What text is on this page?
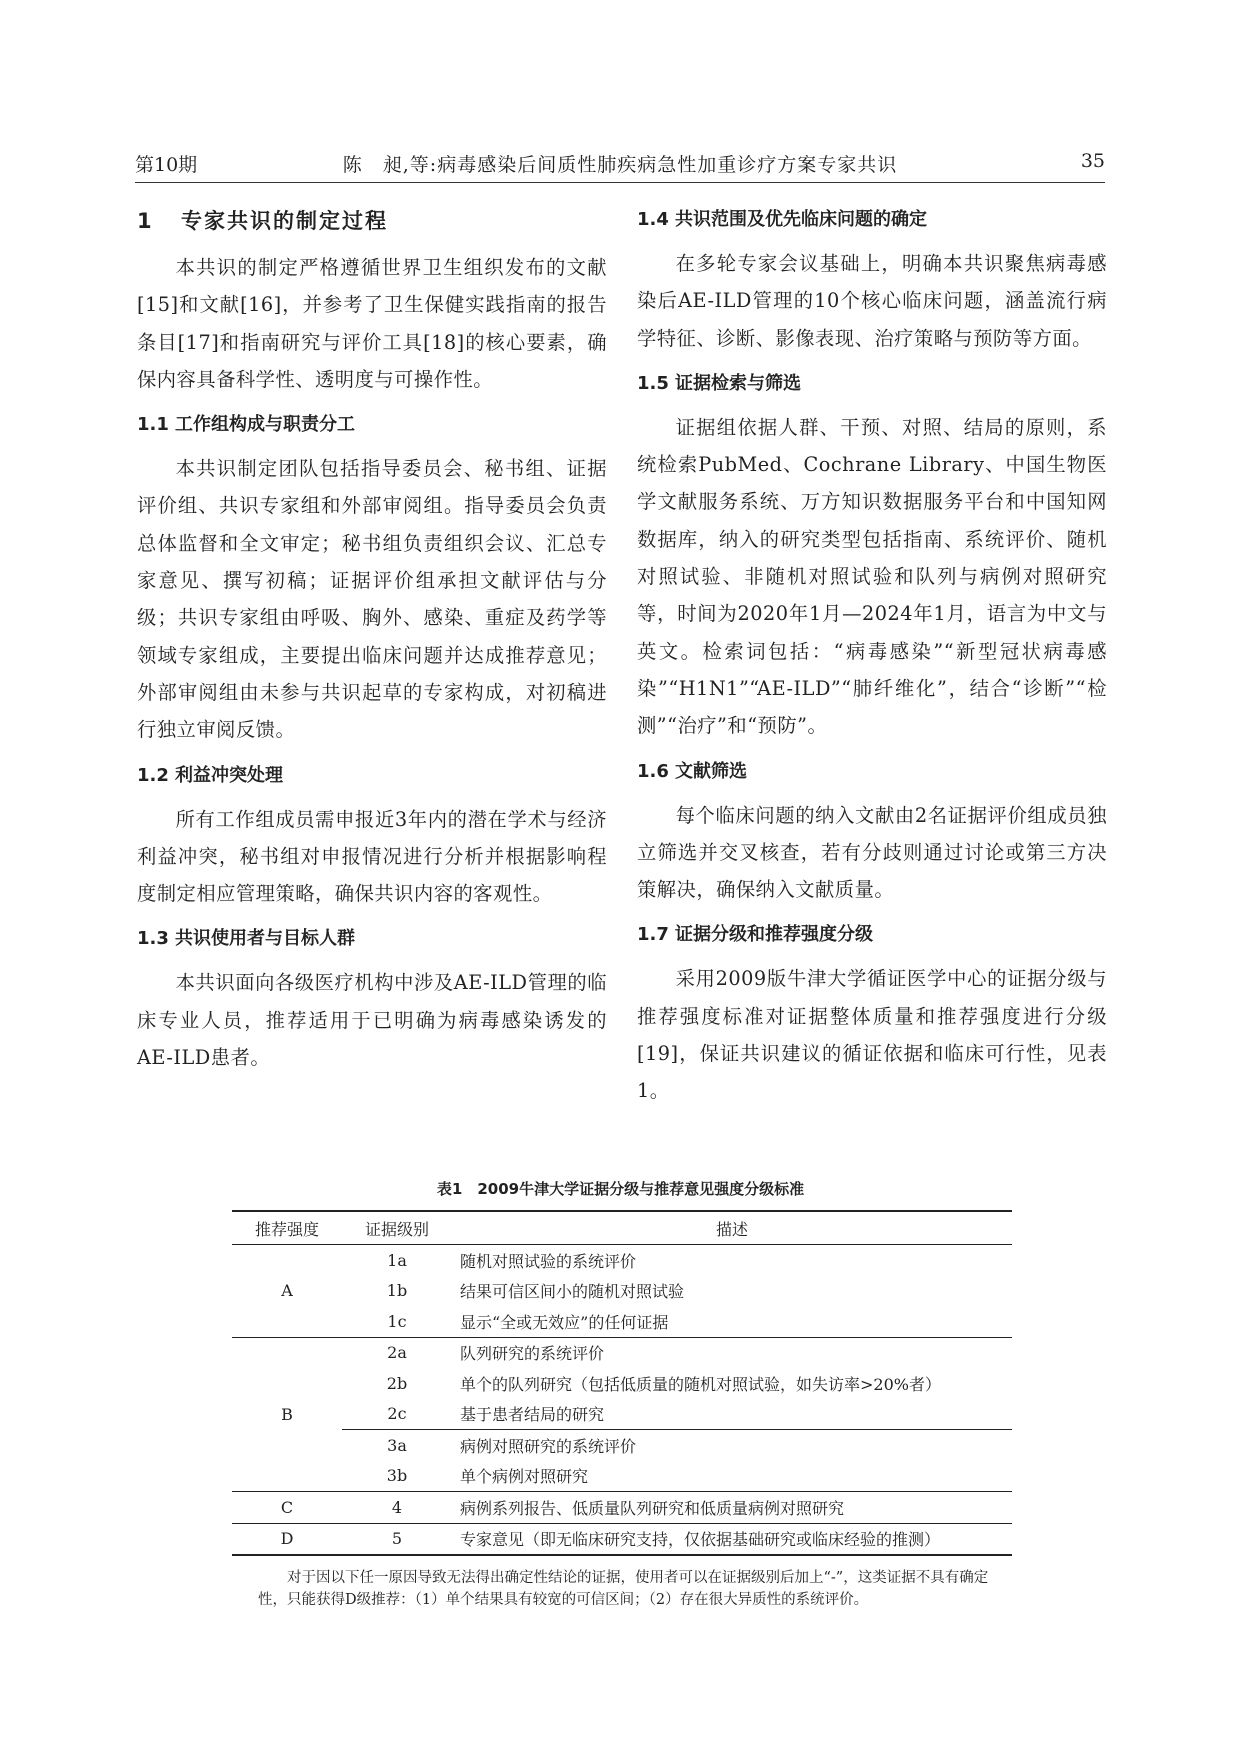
第10期	陈　昶,等:病毒感染后间质性肺疾病急性加重诊疗方案专家共识	35
1 专家共识的制定过程

本共识的制定严格遵循世界卫生组织发布的文献[15]和文献[16]，并参考了卫生保健实践指南的报告条目[17]和指南研究与评价工具[18]的核心要素，确保内容具备科学性、透明度与可操作性。

1.1 工作组构成与职责分工

本共识制定团队包括指导委员会、秘书组、证据评价组、共识专家组和外部审阅组。指导委员会负责总体监督和全文审定；秘书组负责组织会议、汇总专家意见、撰写初稿；证据评价组承担文献评估与分级；共识专家组由呼吸、胸外、感染、重症及药学等领域专家组成，主要提出临床问题并达成推荐意见；外部审阅组由未参与共识起草的专家构成，对初稿进行独立审阅反馈。

1.2 利益冲突处理

所有工作组成员需申报近3年内的潜在学术与经济利益冲突，秘书组对申报情况进行分析并根据影响程度制定相应管理策略，确保共识内容的客观性。

1.3 共识使用者与目标人群

本共识面向各级医疗机构中涉及AE-ILD管理的临床专业人员，推荐适用于已明确为病毒感染诱发的AE-ILD患者。

1.4 共识范围及优先临床问题的确定

在多轮专家会议基础上，明确本共识聚焦病毒感染后AE-ILD管理的10个核心临床问题，涵盖流行病学特征、诊断、影像表现、治疗策略与预防等方面。

1.5 证据检索与筛选

证据组依据人群、干预、对照、结局的原则，系统检索PubMed、Cochrane Library、中国生物医学文献服务系统、万方知识数据服务平台和中国知网数据库，纳入的研究类型包括指南、系统评价、随机对照试验、非随机对照试验和队列与病例对照研究等，时间为2020年1月—2024年1月，语言为中文与英文。检索词包括：“病毒感染”“新型冠状病毒感染”“H1N1”“AE-ILD”“肺纤维化”，结合“诊断”“检测”“治疗”和“预防”。

1.6 文献筛选

每个临床问题的纳入文献由2名证据评价组成员独立筛选并交叉核查，若有分歧则通过讨论或第三方决策解决，确保纳入文献质量。

1.7 证据分级和推荐强度分级

采用2009版牛津大学循证医学中心的证据分级与推荐强度标准对证据整体质量和推荐强度进行分级[19]，保证共识建议的循证依据和临床可行性，见表1。

表1　2009牛津大学证据分级与推荐意见强度分级标准
推荐强度	证据级别	描述
	1a	随机对照试验的系统评价
A	1b	结果可信区间小的随机对照试验
	1c	显示“全或无效应”的任何证据
	2a	队列研究的系统评价
	2b	单个的队列研究（包括低质量的随机对照试验，如失访率>20%者）
B	2c	基于患者结局的研究
	3a	病例对照研究的系统评价
	3b	单个病例对照研究
C	4	病例系列报告、低质量队列研究和低质量病例对照研究
D	5	专家意见（即无临床研究支持，仅依据基础研究或临床经验的推测）
对于因以下任一原因导致无法得出确定性结论的证据，使用者可以在证据级别后加上“-”，这类证据不具有确定性，只能获得D级推荐：（1）单个结果具有较宽的可信区间；（2）存在很大异质性的系统评价。
